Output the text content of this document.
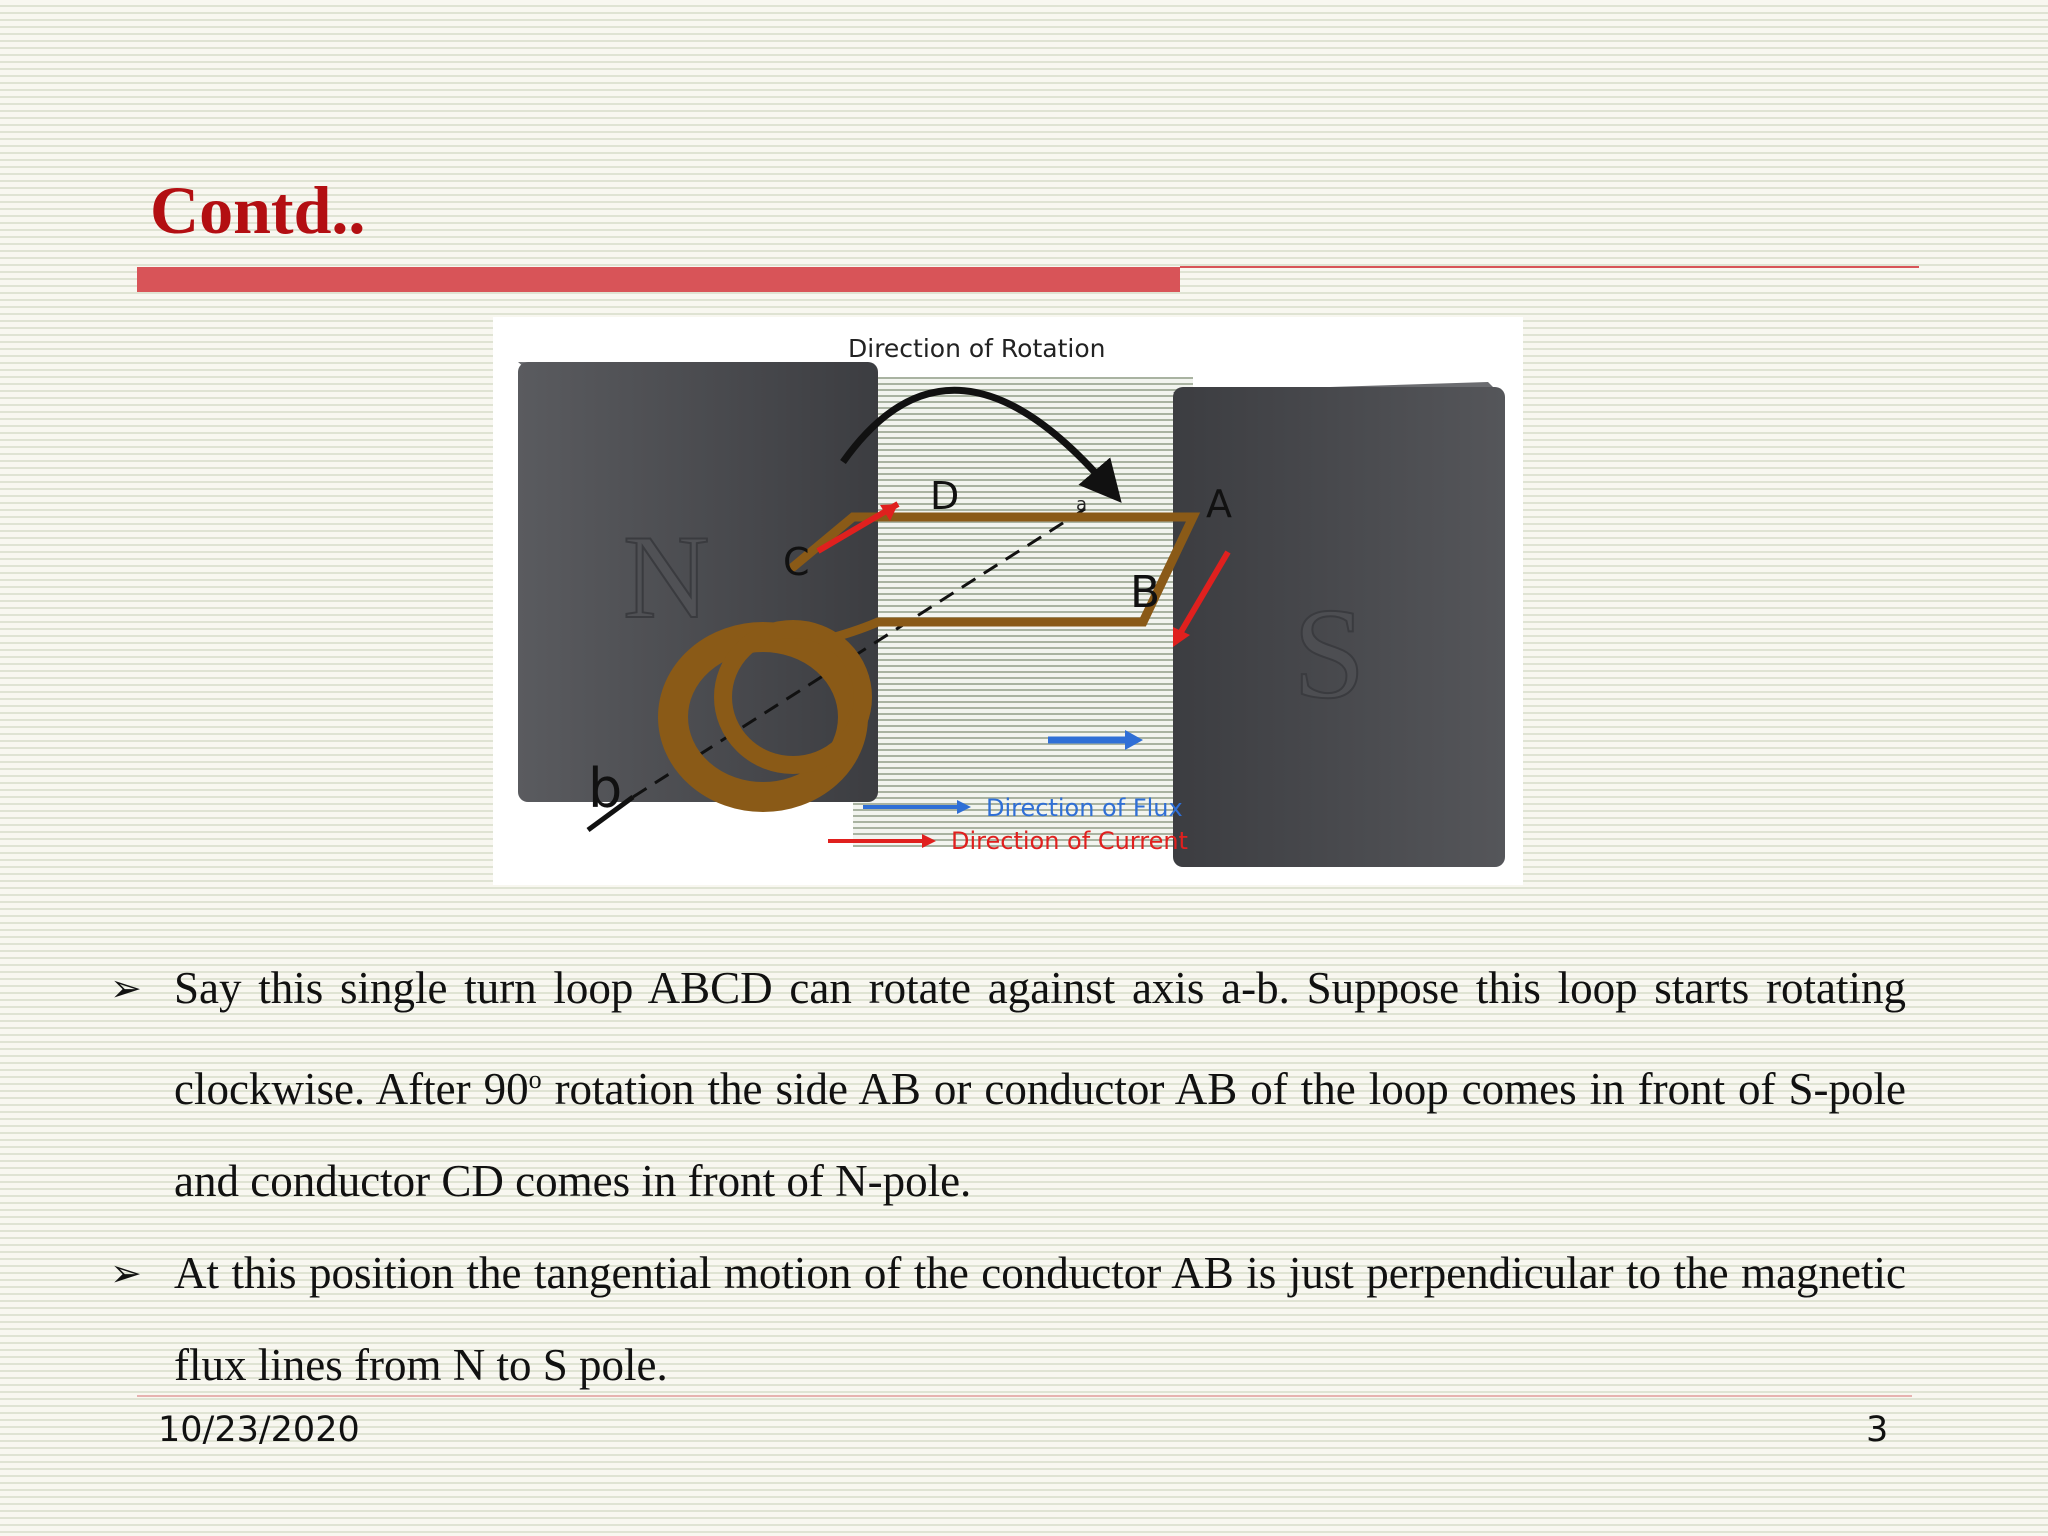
Contd..
N
S
Direction of Rotation
a
b
D	A
C
B
Direction of Flux
Direction of Current
➢ Say this single turn loop ABCD can rotate against axis a-b. Suppose this loop starts rotating clockwise. After 90$^o$ rotation the side AB or conductor AB of the loop comes in front of S-pole and conductor CD comes in front of N-pole.
➢ At this position the tangential motion of the conductor AB is just perpendicular to the magnetic flux lines from N to S pole.
10/23/2020	3
